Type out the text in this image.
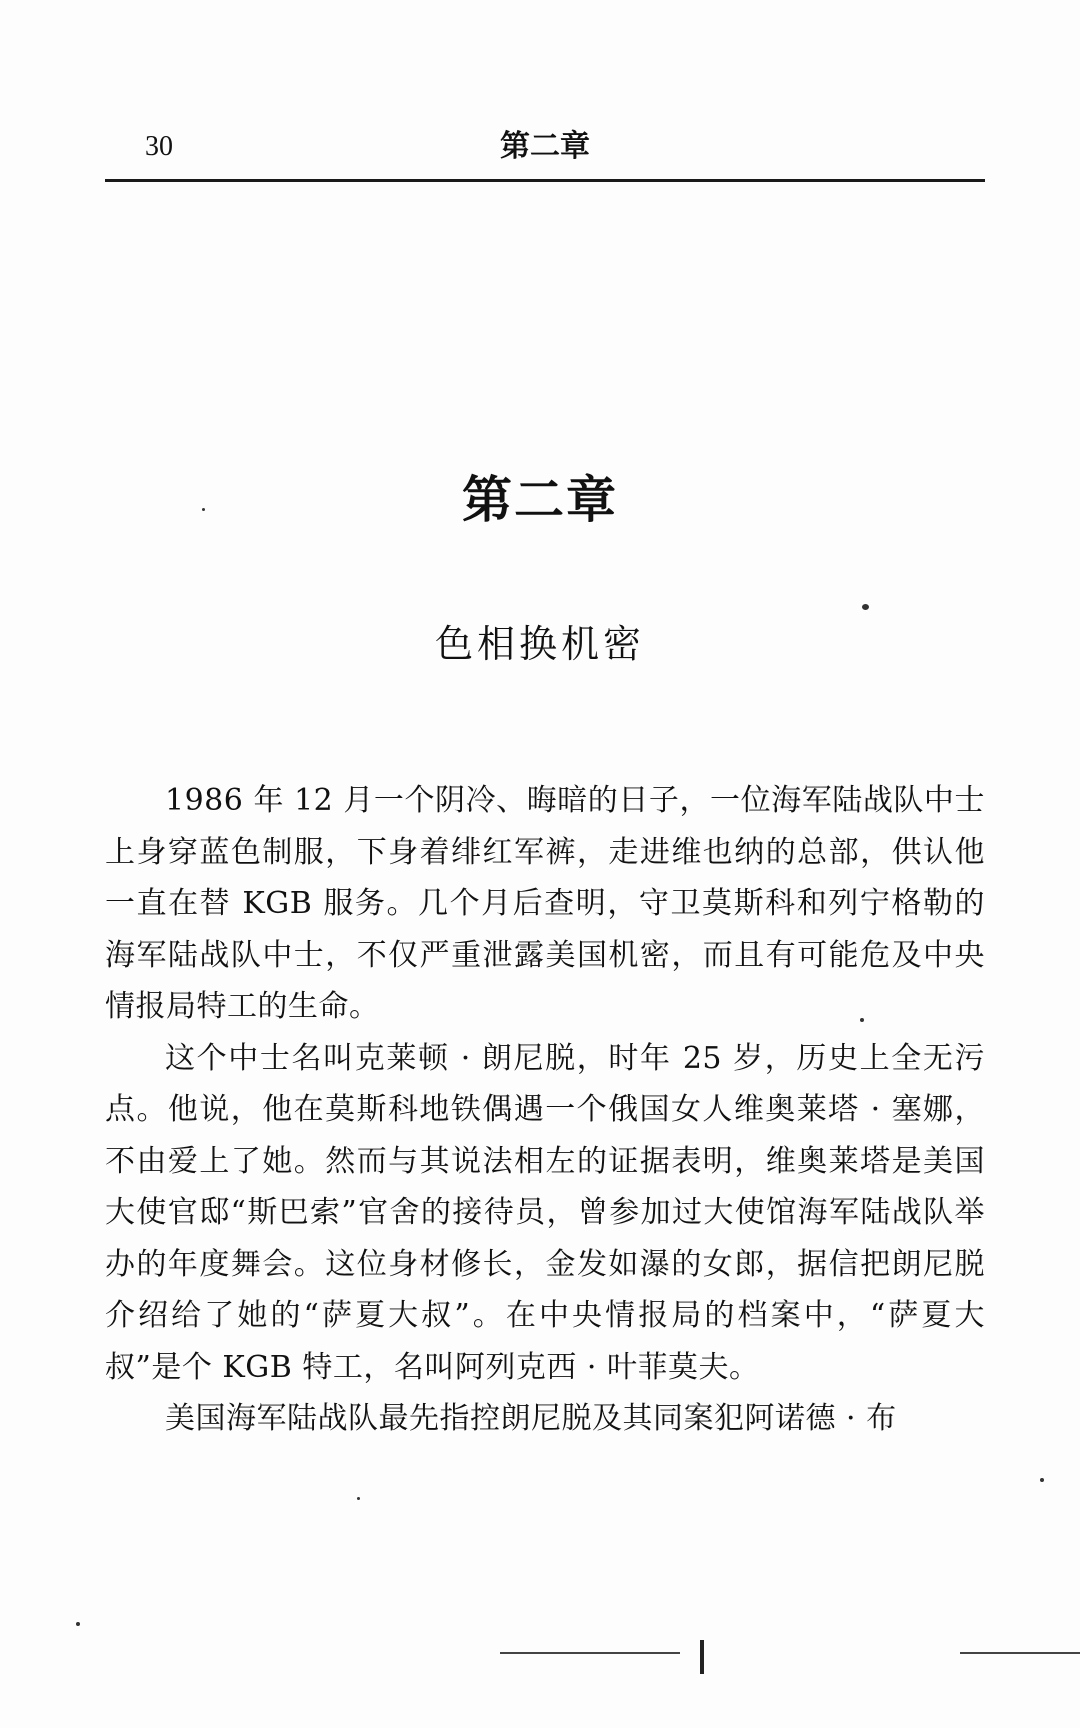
30	第二章
第二章
色相换机密

1986 年 12 月一个阴冷、晦暗的日子，一位海军陆战队中士上身穿蓝色制服，下身着绯红军裤，走进维也纳的总部，供认他一直在替 KGB 服务。几个月后查明，守卫莫斯科和列宁格勒的海军陆战队中士，不仅严重泄露美国机密，而且有可能危及中央情报局特工的生命。

这个中士名叫克莱顿 · 朗尼脱，时年 25 岁，历史上全无污点。他说，他在莫斯科地铁偶遇一个俄国女人维奥莱塔 · 塞娜，不由爱上了她。然而与其说法相左的证据表明，维奥莱塔是美国大使官邸“斯巴索”官舍的接待员，曾参加过大使馆海军陆战队举办的年度舞会。这位身材修长，金发如瀑的女郎，据信把朗尼脱介绍给了她的“萨夏大叔”。在中央情报局的档案中，“萨夏大叔”是个 KGB 特工，名叫阿列克西 · 叶菲莫夫。

美国海军陆战队最先指控朗尼脱及其同案犯阿诺德 · 布
